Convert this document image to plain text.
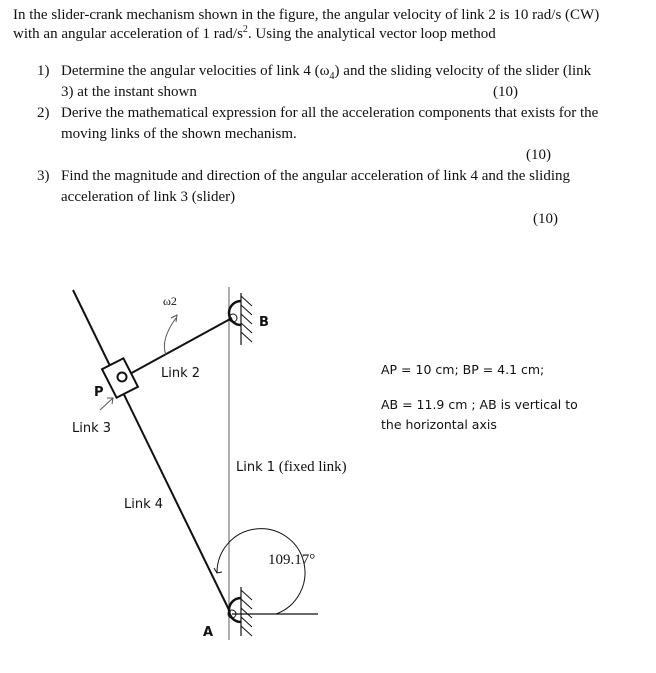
In the slider-crank mechanism shown in the figure, the angular velocity of link 2 is 10 rad/s (CW)
with an angular acceleration of 1 rad/$s^2$. Using the analytical vector loop method
1) Determine the angular velocities of link 4 $(\omega_4)$ and the sliding velocity of the slider (link
3) at the instant shown	(10)
2) Derive the mathematical expression for all the acceleration components that exists for the
moving links of the shown mechanism.
(10)
3) Find the magnitude and direction of the angular acceleration of link 4 and the sliding
acceleration of link 3 (slider)
(10)
ω2
B
Link 2
P
Link 3
Link 4
Link 1 (fixed link)
109.17°
A
AP = 10 cm; BP = 4.1 cm;
AB = 11.9 cm ; AB is vertical to
the horizontal axis
